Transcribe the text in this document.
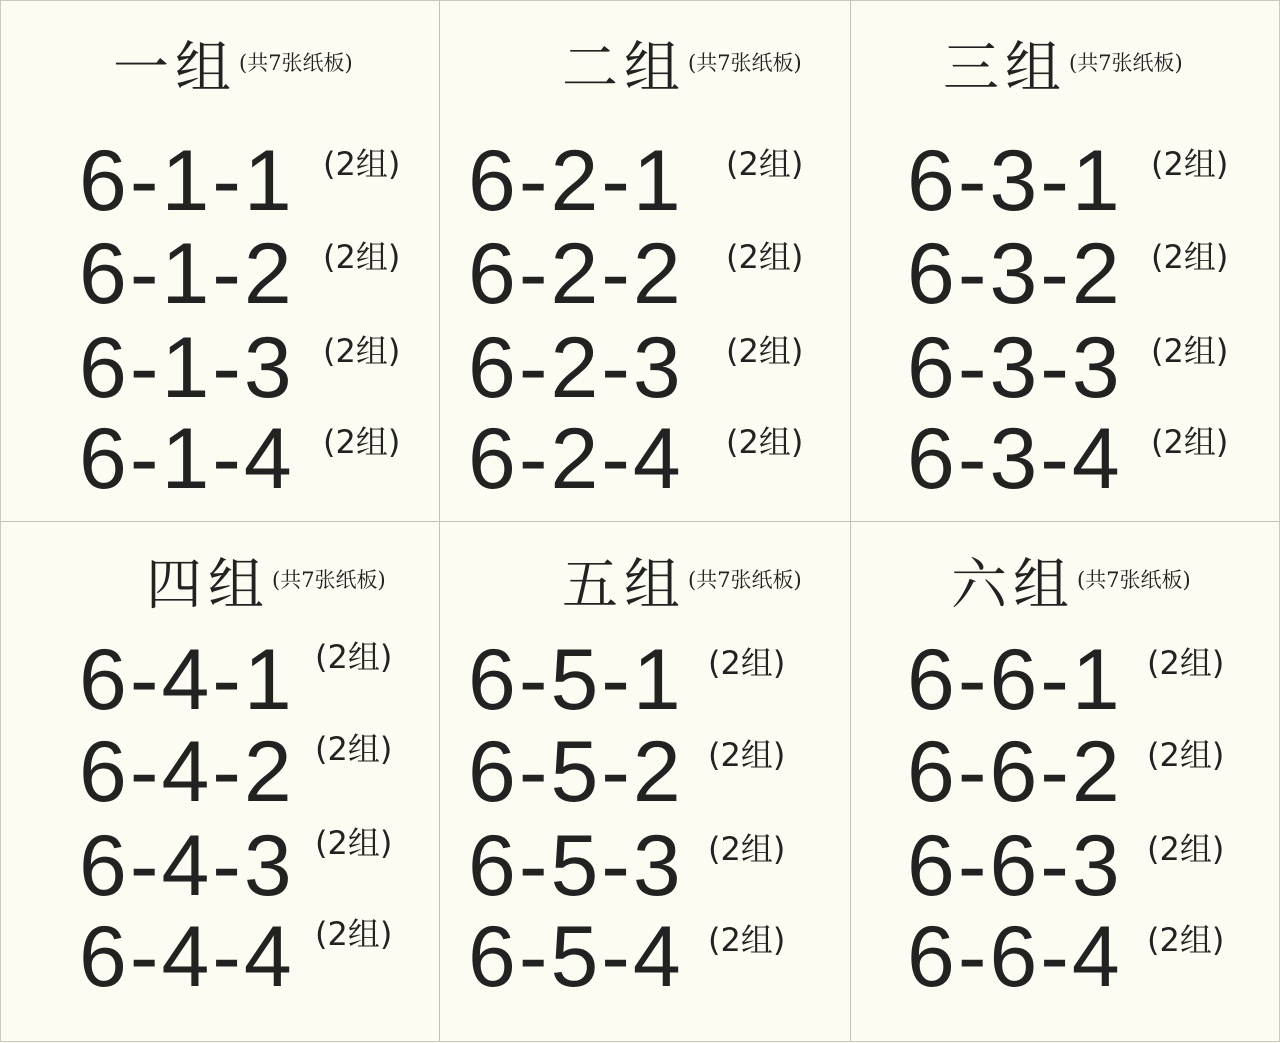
一组 (共7张纸板)
6-1-1 (2组)
6-1-2 (2组)
6-1-3 (2组)
6-1-4 (2组)
二组 (共7张纸板)
6-2-1 (2组)
6-2-2 (2组)
6-2-3 (2组)
6-2-4 (2组)
三组 (共7张纸板)
6-3-1 (2组)
6-3-2 (2组)
6-3-3 (2组)
6-3-4 (2组)
四组 (共7张纸板)
6-4-1 (2组)
6-4-2 (2组)
6-4-3 (2组)
6-4-4 (2组)
五组 (共7张纸板)
6-5-1 (2组)
6-5-2 (2组)
6-5-3 (2组)
6-5-4 (2组)
六组 (共7张纸板)
6-6-1 (2组)
6-6-2 (2组)
6-6-3 (2组)
6-6-4 (2组)
